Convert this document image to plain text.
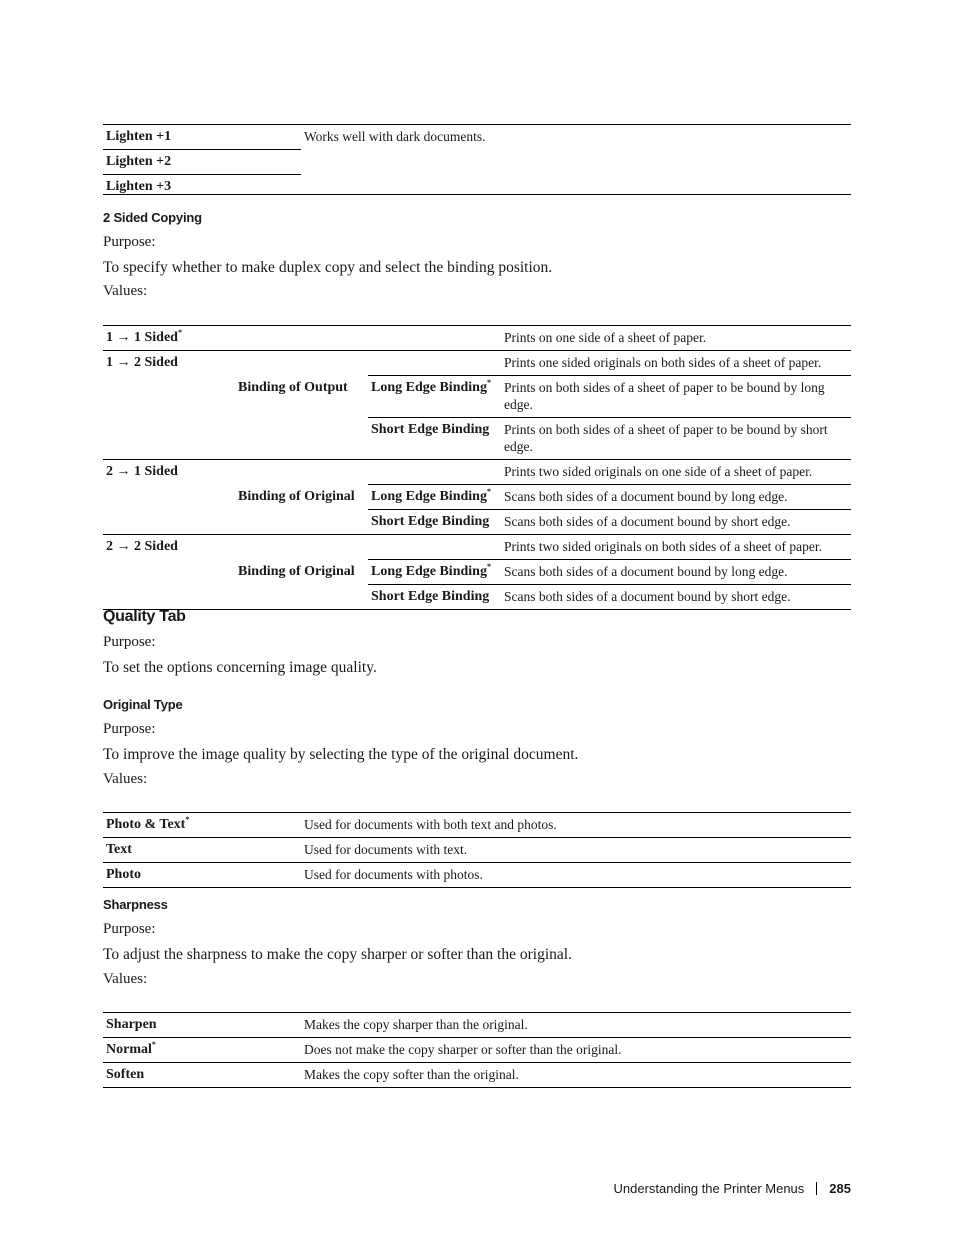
Lighten +1	Works well with dark documents.
Lighten +2
Lighten +3
2 Sided Copying
Purpose:
To specify whether to make duplex copy and select the binding position.
Values:
1 → 1 Sided*			Prints on one side of a sheet of paper.
1 → 2 Sided			Prints one sided originals on both sides of a sheet of paper.
	Binding of Output	Long Edge Binding*	Prints on both sides of a sheet of paper to be bound by long edge.
		Short Edge Binding	Prints on both sides of a sheet of paper to be bound by short edge.
2 → 1 Sided			Prints two sided originals on one side of a sheet of paper.
	Binding of Original	Long Edge Binding*	Scans both sides of a document bound by long edge.
		Short Edge Binding	Scans both sides of a document bound by short edge.
2 → 2 Sided			Prints two sided originals on both sides of a sheet of paper.
	Binding of Original	Long Edge Binding*	Scans both sides of a document bound by long edge.
		Short Edge Binding	Scans both sides of a document bound by short edge.
Quality Tab
Purpose:
To set the options concerning image quality.
Original Type
Purpose:
To improve the image quality by selecting the type of the original document.
Values:
Photo & Text*	Used for documents with both text and photos.
Text	Used for documents with text.
Photo	Used for documents with photos.
Sharpness
Purpose:
To adjust the sharpness to make the copy sharper or softer than the original.
Values:
Sharpen	Makes the copy sharper than the original.
Normal*	Does not make the copy sharper or softer than the original.
Soften	Makes the copy softer than the original.
Understanding the Printer Menus 285
